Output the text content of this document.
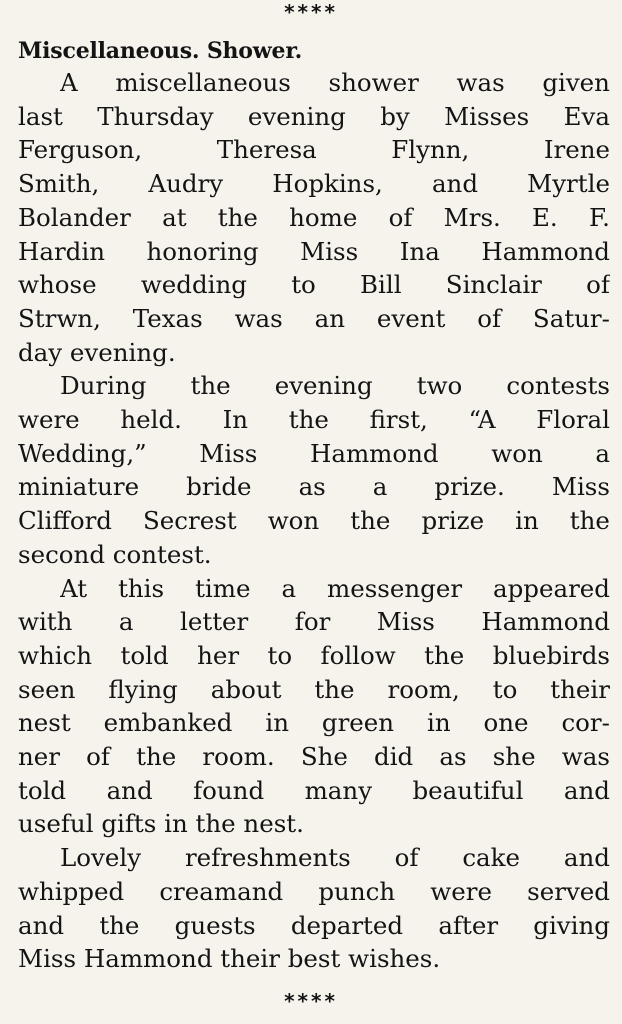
****
Miscellaneous. Shower.
A miscellaneous shower was given
last Thursday evening by Misses Eva
Ferguson,	Theresa	Flynn,	Irene
Smith, Audry Hopkins, and Myrtle
Bolander at the home of Mrs. E. F.
Hardin honoring Miss Ina Hammond
whose wedding to Bill Sinclair of
Strwn, Texas was an event of Satur-
day evening.
During the evening two contests
were held. In the first, “A Floral
Wedding,” Miss Hammond won a
miniature bride as a prize. Miss
Clifford Secrest won the prize in the
second contest.
At this time a messenger appeared
with a letter for Miss Hammond
which told her to follow the bluebirds
seen flying about the room, to their
nest embanked in green in one cor-
ner of the room. She did as she was
told and found many beautiful and
useful gifts in the nest.
Lovely refreshments of cake and
whipped creamand punch were served
and the guests departed after giving
Miss Hammond their best wishes.
****
